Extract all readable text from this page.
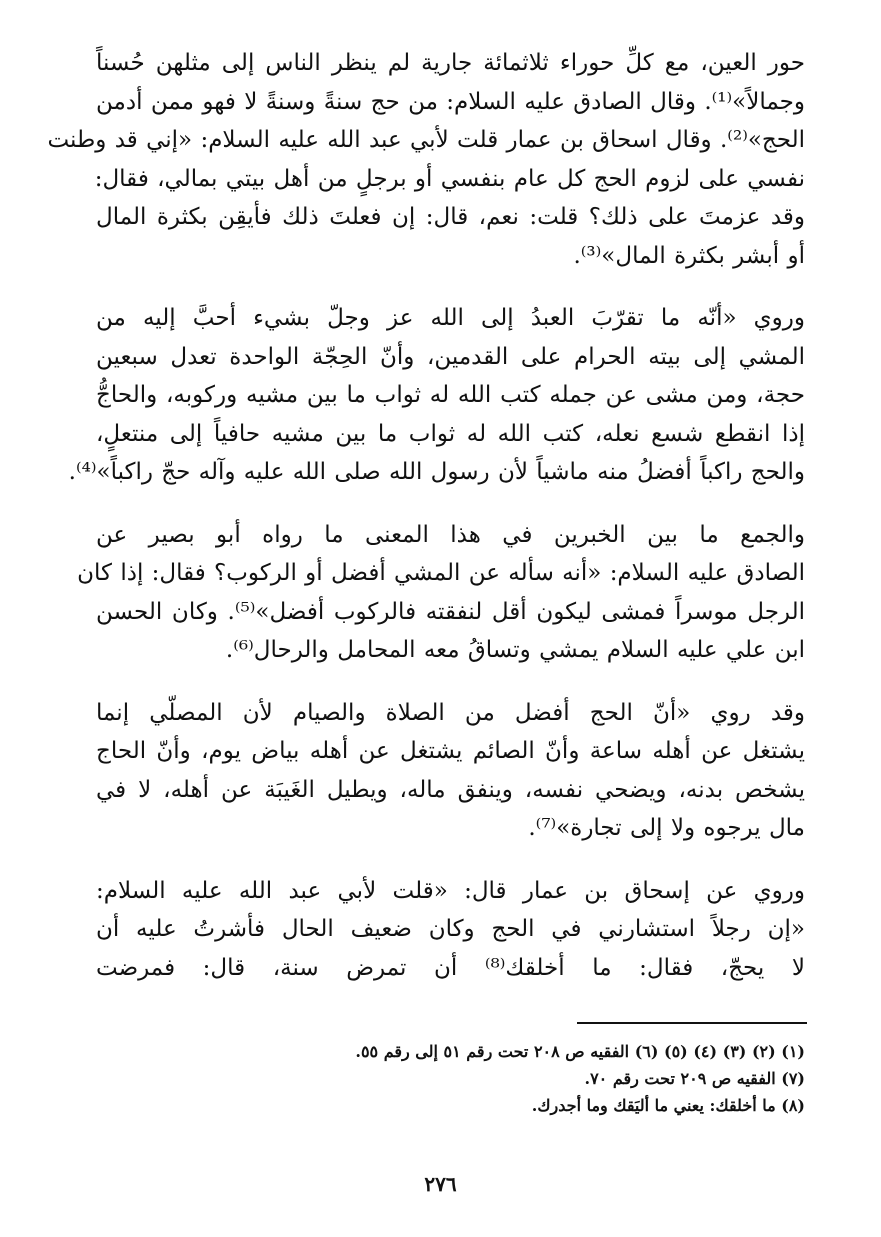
حور العين، مع كلِّ حوراء ثلاثمائة جارية لم ينظر الناس إلى مثلهن حُسناً
وجمالاً»⁽¹⁾. وقال الصادق عليه السلام: من حج سنةً وسنةً لا فهو ممن أدمن
الحج»⁽²⁾. وقال اسحاق بن عمار قلت لأبي عبد الله عليه السلام: «إني قد وطنت
نفسي على لزوم الحج كل عام بنفسي أو برجلٍ من أهل بيتي بمالي، فقال:
وقد عزمتَ على ذلك؟ قلت: نعم، قال: إن فعلتَ ذلك فأيقِن بكثرة المال
أو أبشر بكثرة المال»⁽³⁾.
وروي «أنّه ما تقرّبَ العبدُ إلى الله عز وجلّ بشيء أحبَّ إليه من
المشي إلى بيته الحرام على القدمين، وأنّ الحِجّة الواحدة تعدل سبعين
حجة، ومن مشى عن جمله كتب الله له ثواب ما بين مشيه وركوبه، والحاجُّ
إذا انقطع شسع نعله، كتب الله له ثواب ما بين مشيه حافياً إلى منتعلٍ،
والحج راكباً أفضلُ منه ماشياً لأن رسول الله صلى الله عليه وآله حجّ راكباً»⁽⁴⁾.
والجمع ما بين الخبرين في هذا المعنى ما رواه أبو بصير عن
الصادق عليه السلام: «أنه سأله عن المشي أفضل أو الركوب؟ فقال: إذا كان
الرجل موسراً فمشى ليكون أقل لنفقته فالركوب أفضل»⁽⁵⁾. وكان الحسن
ابن علي عليه السلام يمشي وتساقُ معه المحامل والرحال⁽⁶⁾.
وقد روي «أنّ الحج أفضل من الصلاة والصيام لأن المصلّي إنما
يشتغل عن أهله ساعة وأنّ الصائم يشتغل عن أهله بياض يوم، وأنّ الحاج
يشخص بدنه، ويضحي نفسه، وينفق ماله، ويطيل الغَيبَة عن أهله، لا في
مال يرجوه ولا إلى تجارة»⁽⁷⁾.
وروي عن إسحاق بن عمار قال: «قلت لأبي عبد الله عليه السلام:
«إن رجلاً استشارني في الحج وكان ضعيف الحال فأشرتُ عليه أن
لا يحجّ، فقال: ما أخلقك⁽⁸⁾ أن تمرض سنة، قال: فمرضت
(١) (٢) (٣) (٤) (٥) (٦) الفقيه ص ٢٠٨ تحت رقم ٥١ إلى رقم ٥٥.
(٧) الفقيه ص ٢٠٩ تحت رقم ٧٠.
(٨) ما أخلقك: يعني ما أليَقك وما أجدرك.
٢٧٦
